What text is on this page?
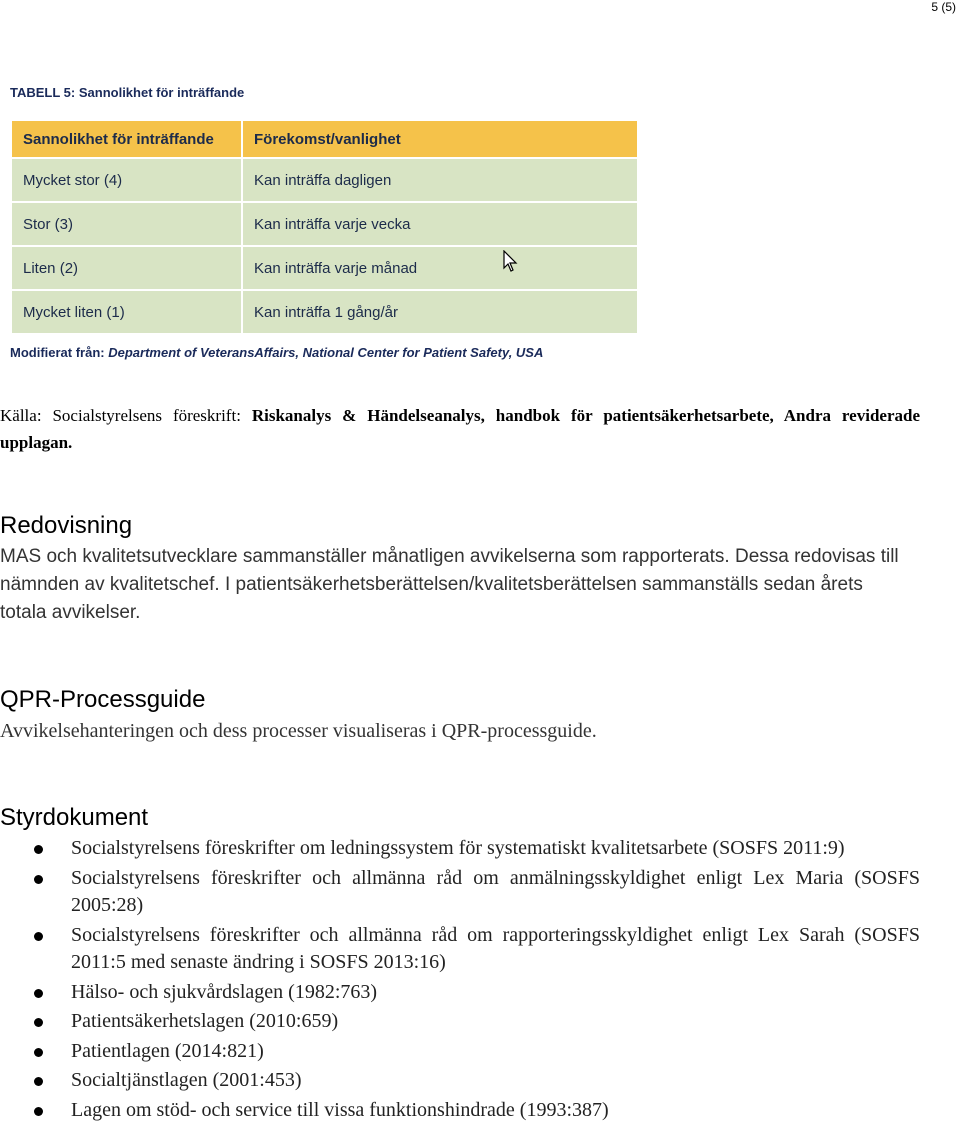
5 (5)
TABELL 5: Sannolikhet för inträffande
Sannolikhet för inträffande	Förekomst/vanlighet
Mycket stor (4)	Kan inträffa dagligen
Stor (3)	Kan inträffa varje vecka
Liten (2)	Kan inträffa varje månad
Mycket liten (1)	Kan inträffa 1 gång/år
Modifierat från: Department of VeteransAffairs, National Center for Patient Safety, USA
Källa: Socialstyrelsens föreskrift: Riskanalys & Händelseanalys, handbok för patientsäkerhetsarbete, Andra reviderade upplagan.
Redovisning
MAS och kvalitetsutvecklare sammanställer månatligen avvikelserna som rapporterats. Dessa redovisas till nämnden av kvalitetschef. I patientsäkerhetsberättelsen/kvalitetsberättelsen sammanställs sedan årets totala avvikelser.
QPR-Processguide
Avvikelsehanteringen och dess processer visualiseras i QPR-processguide.
Styrdokument
Socialstyrelsens föreskrifter om ledningssystem för systematiskt kvalitetsarbete (SOSFS 2011:9)
Socialstyrelsens föreskrifter och allmänna råd om anmälningsskyldighet enligt Lex Maria (SOSFS 2005:28)
Socialstyrelsens föreskrifter och allmänna råd om rapporteringsskyldighet enligt Lex Sarah (SOSFS 2011:5 med senaste ändring i SOSFS 2013:16)
Hälso- och sjukvårdslagen (1982:763)
Patientsäkerhetslagen (2010:659)
Patientlagen (2014:821)
Socialtjänstlagen (2001:453)
Lagen om stöd- och service till vissa funktionshindrade (1993:387)
